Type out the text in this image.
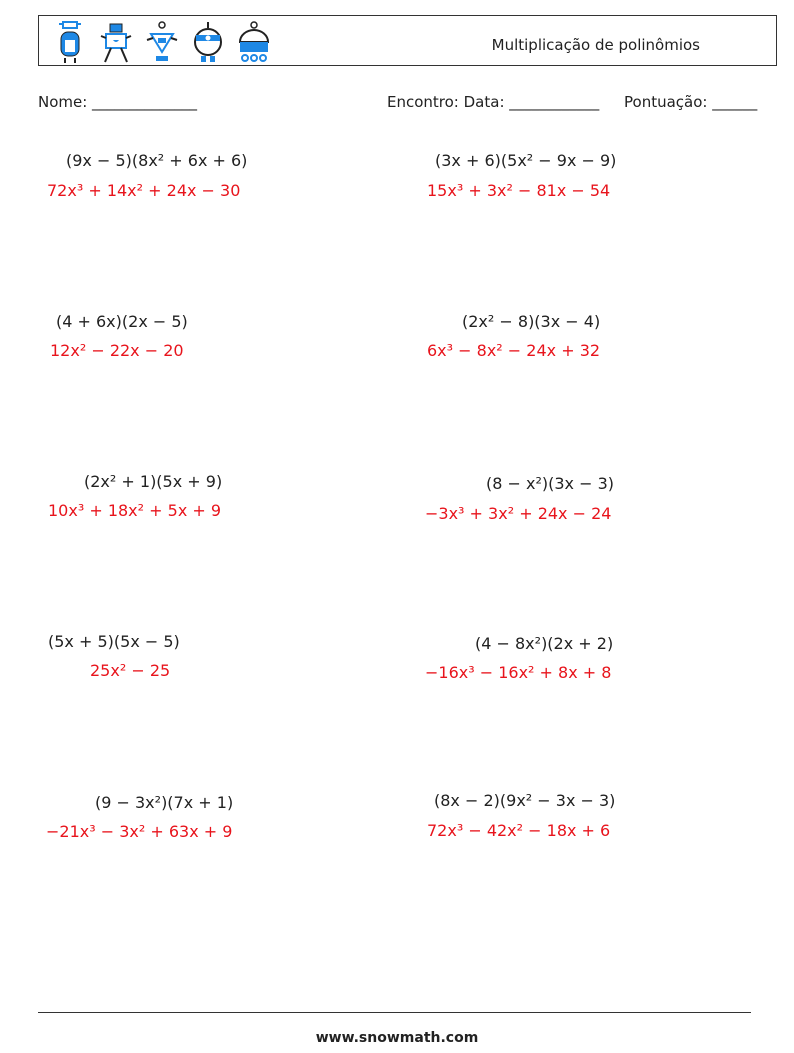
Multiplicação de polinômios
Nome: ______________	Encontro: Data: ____________ Pontuação: ______
(9x − 5)(8x² + 6x + 6)
72x³ + 14x² + 24x − 30
(3x + 6)(5x² − 9x − 9)
15x³ + 3x² − 81x − 54
(4 + 6x)(2x − 5)
12x² − 22x − 20
(2x² − 8)(3x − 4)
6x³ − 8x² − 24x + 32
(2x² + 1)(5x + 9)
10x³ + 18x² + 5x + 9
(8 − x²)(3x − 3)
−3x³ + 3x² + 24x − 24
(5x + 5)(5x − 5)
25x² − 25
(4 − 8x²)(2x + 2)
−16x³ − 16x² + 8x + 8
(9 − 3x²)(7x + 1)
−21x³ − 3x² + 63x + 9
(8x − 2)(9x² − 3x − 3)
72x³ − 42x² − 18x + 6
www.snowmath.com
